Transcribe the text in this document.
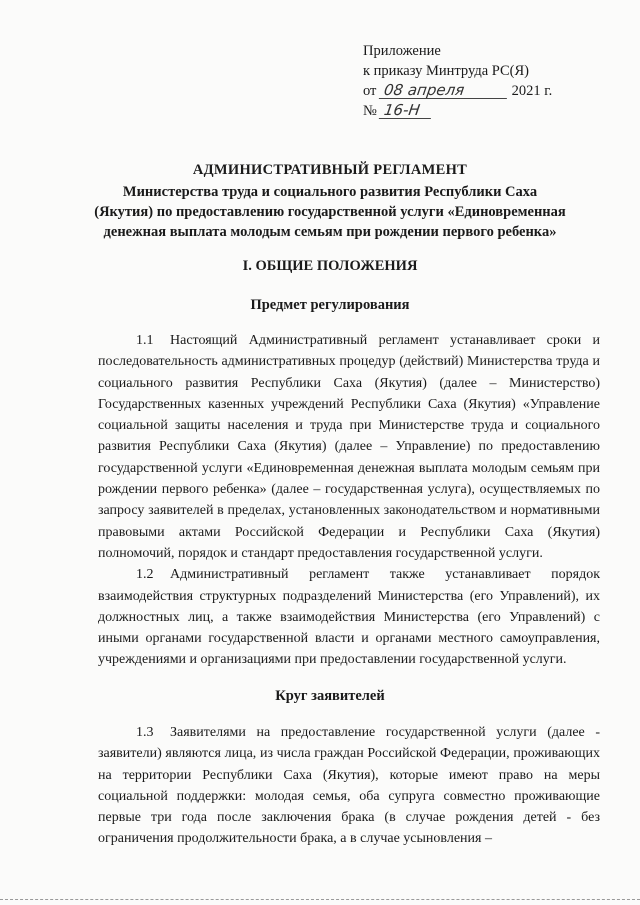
Приложение
к приказу Минтруда РС(Я)
от 08 апреля	2021 г.
№ 16-Н
АДМИНИСТРАТИВНЫЙ РЕГЛАМЕНТ
Министерства труда и социального развития Республики Саха
(Якутия) по предоставлению государственной услуги «Единовременная
денежная выплата молодым семьям при рождении первого ребенка»
I. ОБЩИЕ ПОЛОЖЕНИЯ
Предмет регулирования

1.1 Настоящий Административный регламент устанавливает сроки и последовательность административных процедур (действий) Министерства труда и социального развития Республики Саха (Якутия) (далее – Министерство) Государственных казенных учреждений Республики Саха (Якутия) «Управление социальной защиты населения и труда при Министерстве труда и социального развития Республики Саха (Якутия) (далее – Управление) по предоставлению государственной услуги «Единовременная денежная выплата молодым семьям при рождении первого ребенка» (далее – государственная услуга), осуществляемых по запросу заявителей в пределах, установленных законодательством и нормативными правовыми актами Российской Федерации и Республики Саха (Якутия) полномочий, порядок и стандарт предоставления государственной услуги.

1.2 Административный регламент также устанавливает порядок взаимодействия структурных подразделений Министерства (его Управлений), их должностных лиц, а также взаимодействия Министерства (его Управлений) с иными органами государственной власти и органами местного самоуправления, учреждениями и организациями при предоставлении государственной услуги.

Круг заявителей

1.3 Заявителями на предоставление государственной услуги (далее - заявители) являются лица, из числа граждан Российской Федерации, проживающих на территории Республики Саха (Якутия), которые имеют право на меры социальной поддержки: молодая семья, оба супруга совместно проживающие первые три года после заключения брака (в случае рождения детей - без ограничения продолжительности брака, а в случае усыновления –
